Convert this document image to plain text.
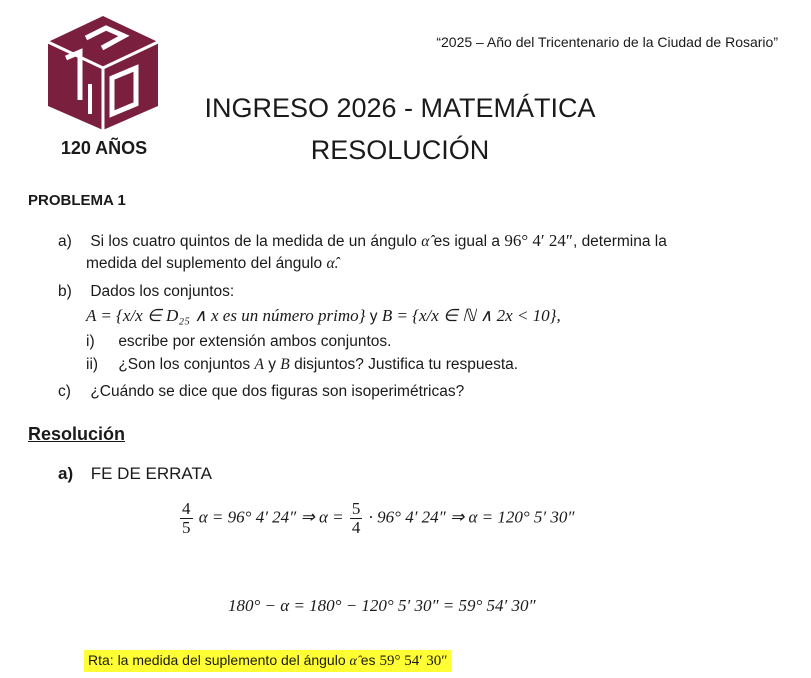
120 AÑOS
“2025 – Año del Tricentenario de la Ciudad de Rosario”
INGRESO 2026 - MATEMÁTICA
RESOLUCIÓN
PROBLEMA 1
a) Si los cuatro quintos de la medida de un ángulo α̂ es igual a 96° 4′ 24″, determina la
medida del suplemento del ángulo α̂.
b) Dados los conjuntos:
A = {x/x ∈ D₂₅ ∧ x es un número primo} y B = {x/x ∈ ℕ ∧ 2x < 10},
i) escribe por extensión ambos conjuntos.
ii) ¿Son los conjuntos A y B disjuntos? Justifica tu respuesta.
c) ¿Cuándo se dice que dos figuras son isoperimétricas?
Resolución
a) FE DE ERRATA
$\frac{4}{5}$ α = 96° 4′ 24″ ⇒ $\alpha = \frac{5}{4} \cdot 96^\circ$ 4′ 24″ ⇒ α = 120° 5′ 30″
180° − α = 180° − 120° 5′ 30″ = 59° 54′ 30″
Rta: la medida del suplemento del ángulo α̂ es 59° 54′ 30″
